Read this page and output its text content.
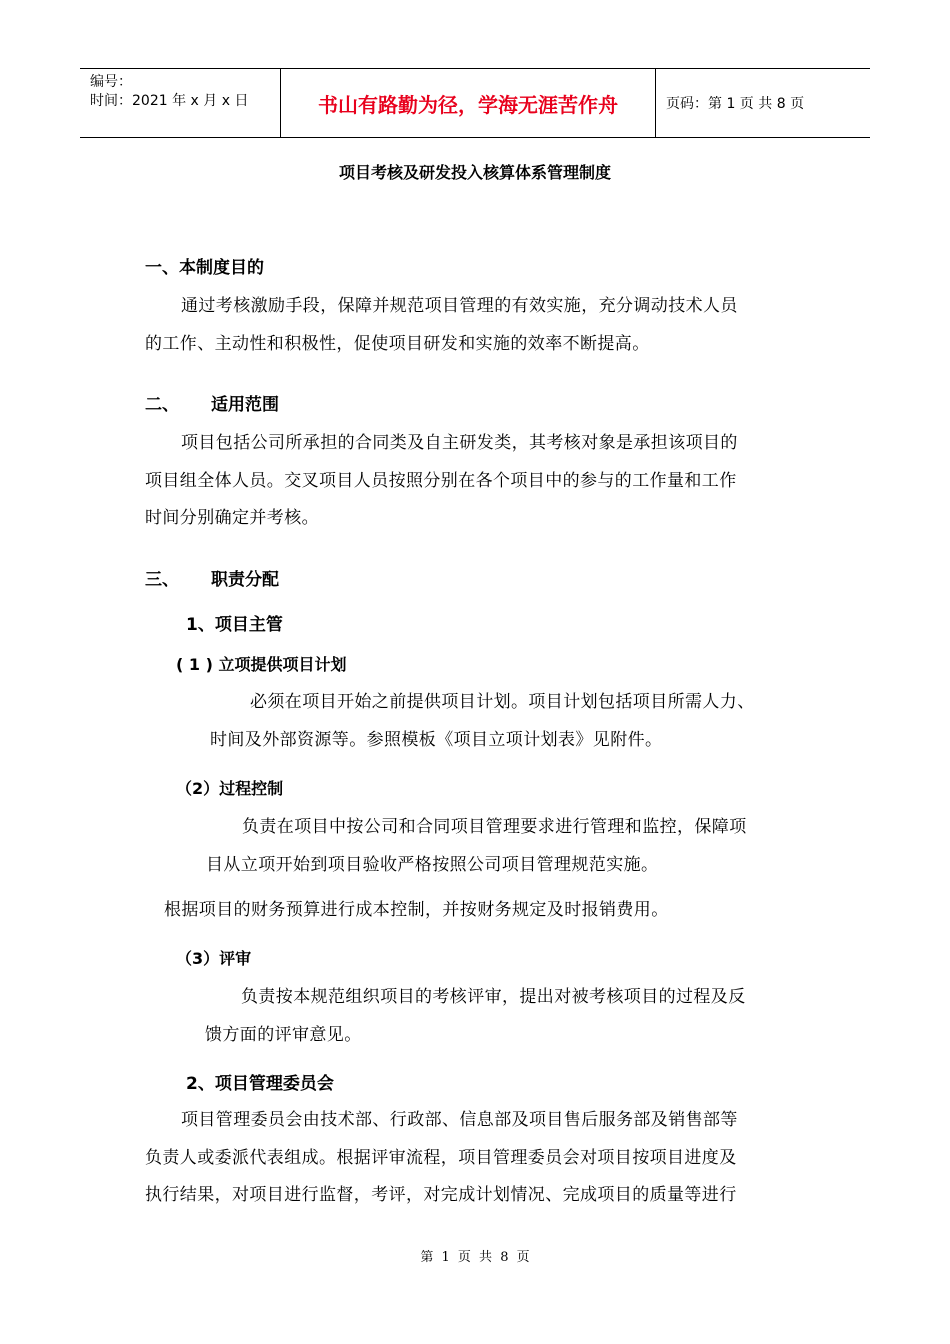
编号：
时间：2021 年 x 月 x 日	书山有路勤为径，学海无涯苦作舟	页码：第 1 页 共 8 页
项目考核及研发投入核算体系管理制度
一、本制度目的
通过考核激励手段，保障并规范项目管理的有效实施，充分调动技术人员
的工作、主动性和积极性，促使项目研发和实施的效率不断提高。
二、 适用范围
项目包括公司所承担的合同类及自主研发类，其考核对象是承担该项目的
项目组全体人员。交叉项目人员按照分别在各个项目中的参与的工作量和工作
时间分别确定并考核。
三、 职责分配
1、项目主管
( 1 ) 立项提供项目计划
必须在项目开始之前提供项目计划。项目计划包括项目所需人力、
时间及外部资源等。参照模板《项目立项计划表》见附件。
（2）过程控制
负责在项目中按公司和合同项目管理要求进行管理和监控，保障项
目从立项开始到项目验收严格按照公司项目管理规范实施。
根据项目的财务预算进行成本控制，并按财务规定及时报销费用。
（3）评审
负责按本规范组织项目的考核评审，提出对被考核项目的过程及反
馈方面的评审意见。
2、项目管理委员会
项目管理委员会由技术部、行政部、信息部及项目售后服务部及销售部等
负责人或委派代表组成。根据评审流程，项目管理委员会对项目按项目进度及
执行结果，对项目进行监督，考评，对完成计划情况、完成项目的质量等进行
第 1 页 共 8 页
